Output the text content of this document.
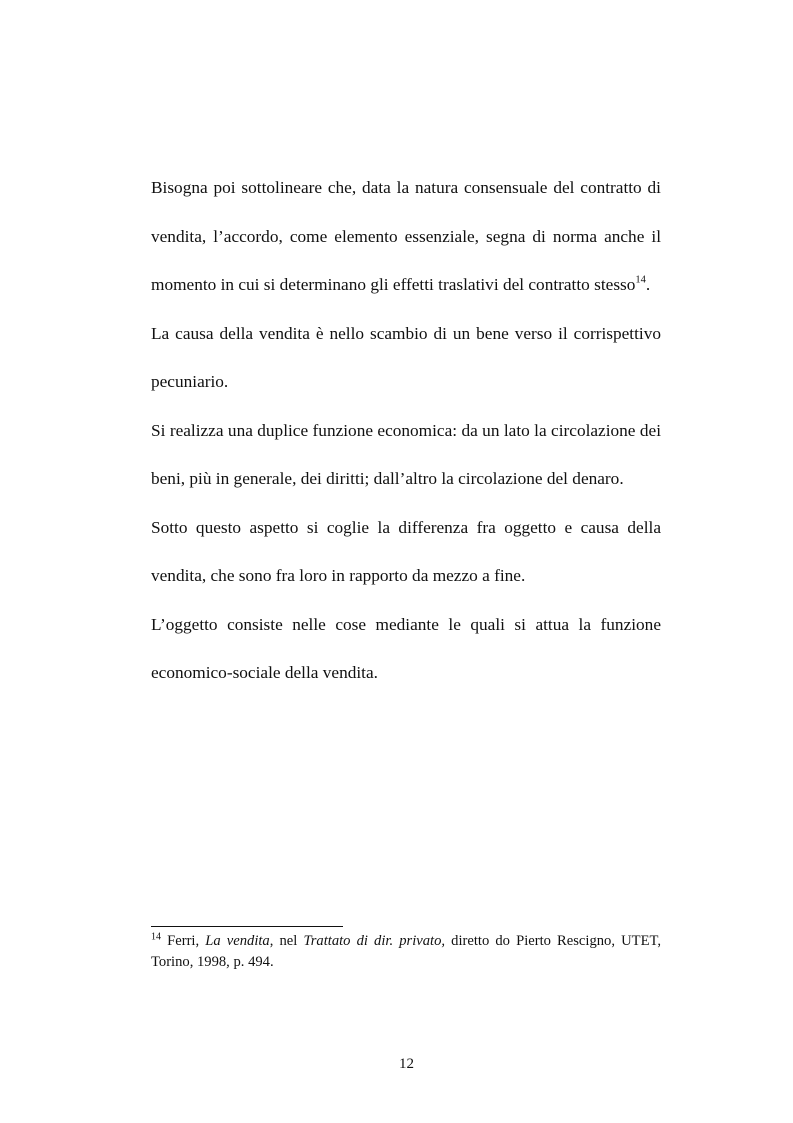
Bisogna poi sottolineare che, data la natura consensuale del contratto di vendita, l’accordo, come elemento essenziale, segna di norma anche il momento in cui si determinano gli effetti traslativi del contratto stesso$^{14}$.

La causa della vendita è nello scambio di un bene verso il corrispettivo pecuniario.

Si realizza una duplice funzione economica: da un lato la circolazione dei beni, più in generale, dei diritti; dall’altro la circolazione del denaro.

Sotto questo aspetto si coglie la differenza fra oggetto e causa della vendita, che sono fra loro in rapporto da mezzo a fine.

L’oggetto consiste nelle cose mediante le quali si attua la funzione economico-sociale della vendita.

$^{14}$ Ferri, La vendita, nel Trattato di dir. privato, diretto do Pierto Rescigno, UTET, Torino, 1998, p. 494.
12
